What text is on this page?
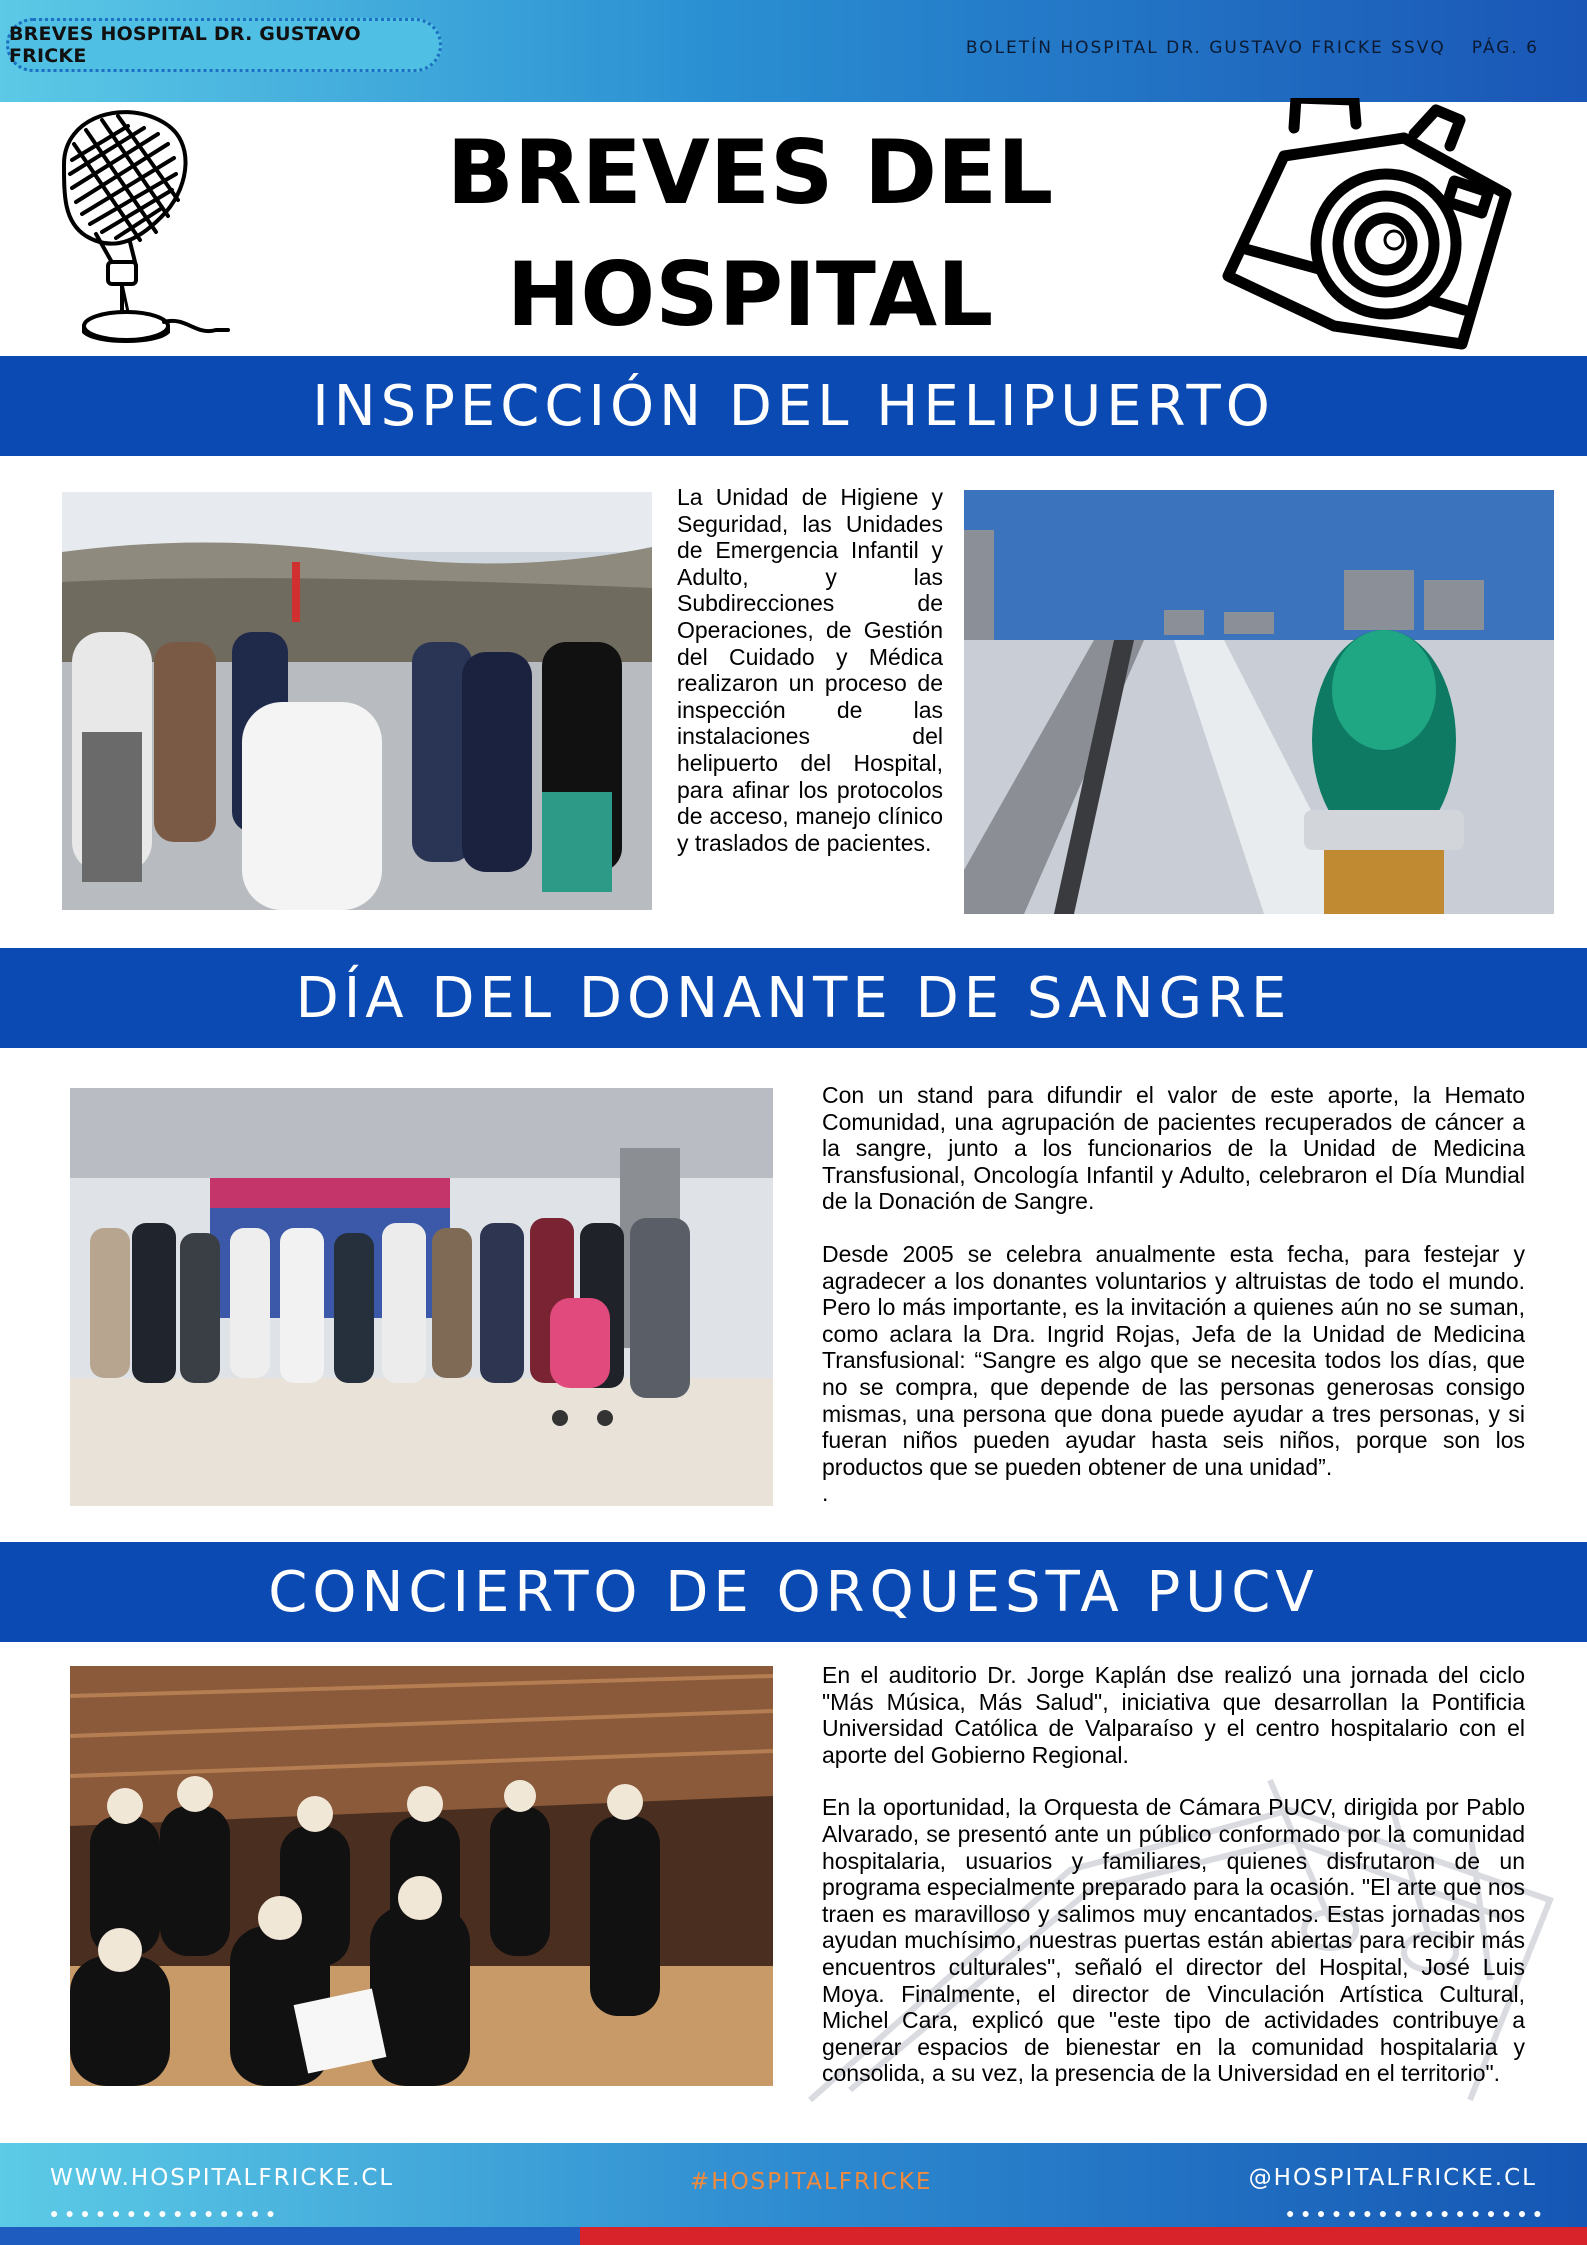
BREVES HOSPITAL DR. GUSTAVO FRICKE	BOLETÍN HOSPITAL DR. GUSTAVO FRICKE SSVQ PÁG. 6
BREVES DEL
HOSPITAL
INSPECCIÓN DEL HELIPUERTO

La Unidad de Higiene y Seguridad, las Unidades de Emergencia Infantil y Adulto, y las Subdirecciones de Operaciones, de Gestión del Cuidado y Médica realizaron un proceso de inspección de las instalaciones del helipuerto del Hospital, para afinar los protocolos de acceso, manejo clínico y traslados de pacientes.

DÍA DEL DONANTE DE SANGRE

Con un stand para difundir el valor de este aporte, la Hemato Comunidad, una agrupación de pacientes recuperados de cáncer a la sangre, junto a los funcionarios de la Unidad de Medicina Transfusional, Oncología Infantil y Adulto, celebraron el Día Mundial de la Donación de Sangre.

Desde 2005 se celebra anualmente esta fecha, para festejar y agradecer a los donantes voluntarios y altruistas de todo el mundo. Pero lo más importante, es la invitación a quienes aún no se suman, como aclara la Dra. Ingrid Rojas, Jefa de la Unidad de Medicina Transfusional: “Sangre es algo que se necesita todos los días, que no se compra, que depende de las personas generosas consigo mismas, una persona que dona puede ayudar a tres personas, y si fueran niños pueden ayudar hasta seis niños, porque son los productos que se pueden obtener de una unidad”.

.

CONCIERTO DE ORQUESTA PUCV

En el auditorio Dr. Jorge Kaplán dse realizó una jornada del ciclo "Más Música, Más Salud", iniciativa que desarrollan la Pontificia Universidad Católica de Valparaíso y el centro hospitalario con el aporte del Gobierno Regional.

En la oportunidad, la Orquesta de Cámara PUCV, dirigida por Pablo Alvarado, se presentó ante un público conformado por la comunidad hospitalaria, usuarios y familiares, quienes disfrutaron de un programa especialmente preparado para la ocasión. "El arte que nos traen es maravilloso y salimos muy encantados. Estas jornadas nos ayudan muchísimo, nuestras puertas están abiertas para recibir más encuentros culturales", señaló el director del Hospital, José Luis Moya. Finalmente, el director de Vinculación Artística Cultural, Michel Cara, explicó que "este tipo de actividades contribuye a generar espacios de bienestar en la comunidad hospitalaria y consolida, a su vez, la presencia de la Universidad en el territorio".

WWW.HOSPITALFRICKE.CL
●●●●●●●●●●●●●●●
#HOSPITALFRICKE	@HOSPITALFRICKE.CL
●●●●●●●●●●●●●●●●●
